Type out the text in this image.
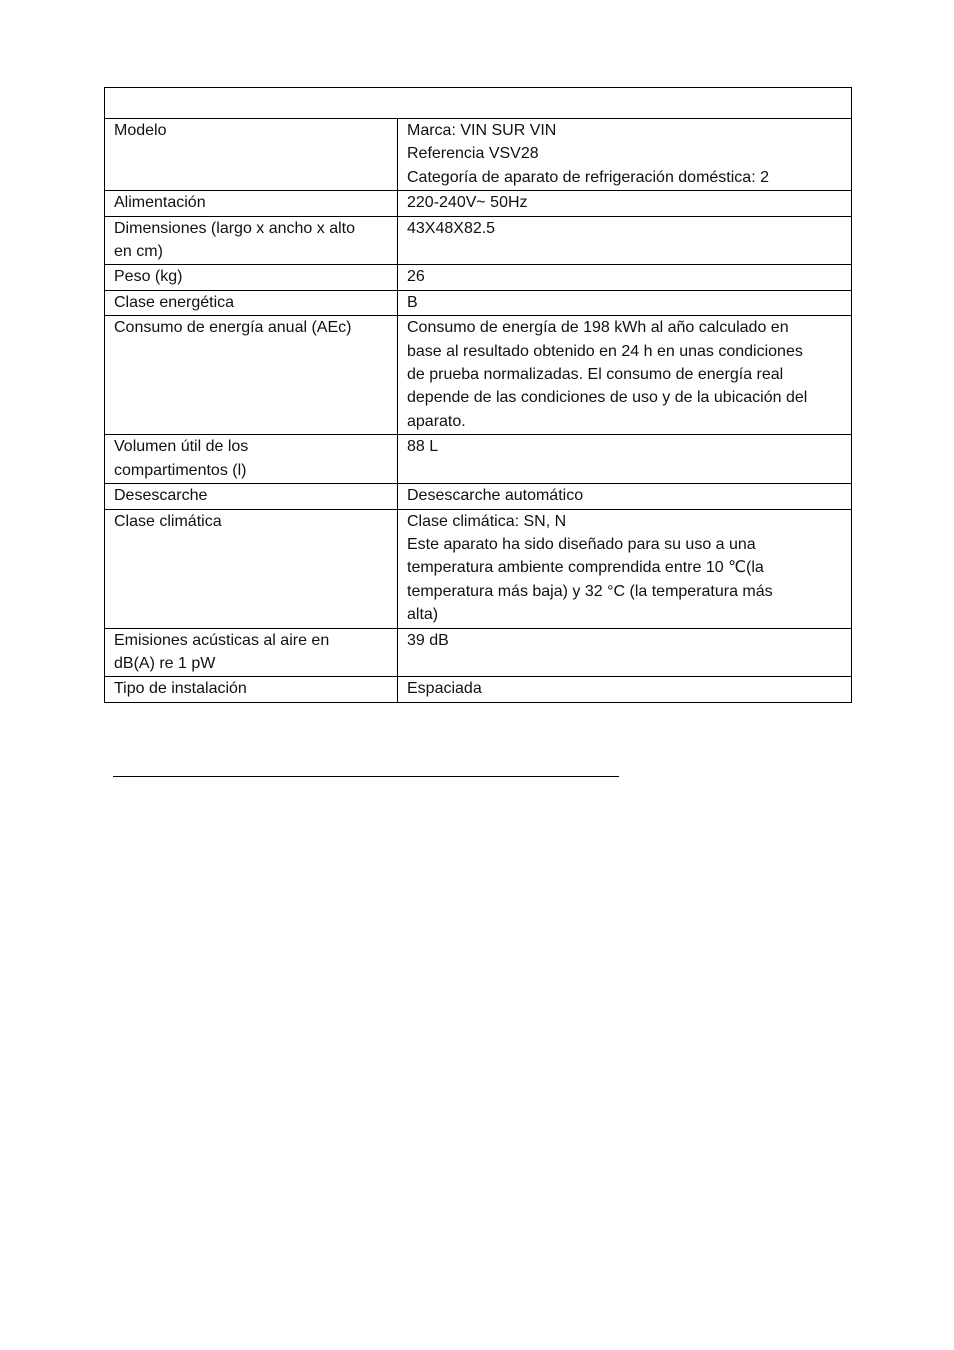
Modelo	Marca: VIN SUR VIN
Referencia VSV28
Categoría de aparato de refrigeración doméstica: 2
Alimentación	220-240V~ 50Hz
Dimensiones (largo x ancho x alto
en cm)	43X48X82.5
Peso (kg)	26
Clase energética	B
Consumo de energía anual (AEc)	Consumo de energía de 198 kWh al año calculado en
base al resultado obtenido en 24 h en unas condiciones
de prueba normalizadas. El consumo de energía real
depende de las condiciones de uso y de la ubicación del
aparato.
Volumen útil de los
compartimentos (l)	88 L
Desescarche	Desescarche automático
Clase climática	Clase climática: SN, N
Este aparato ha sido diseñado para su uso a una
temperatura ambiente comprendida entre 10 ℃(la
temperatura más baja) y 32 °C (la temperatura más
alta)
Emisiones acústicas al aire en
dB(A) re 1 pW	39 dB
Tipo de instalación	Espaciada
